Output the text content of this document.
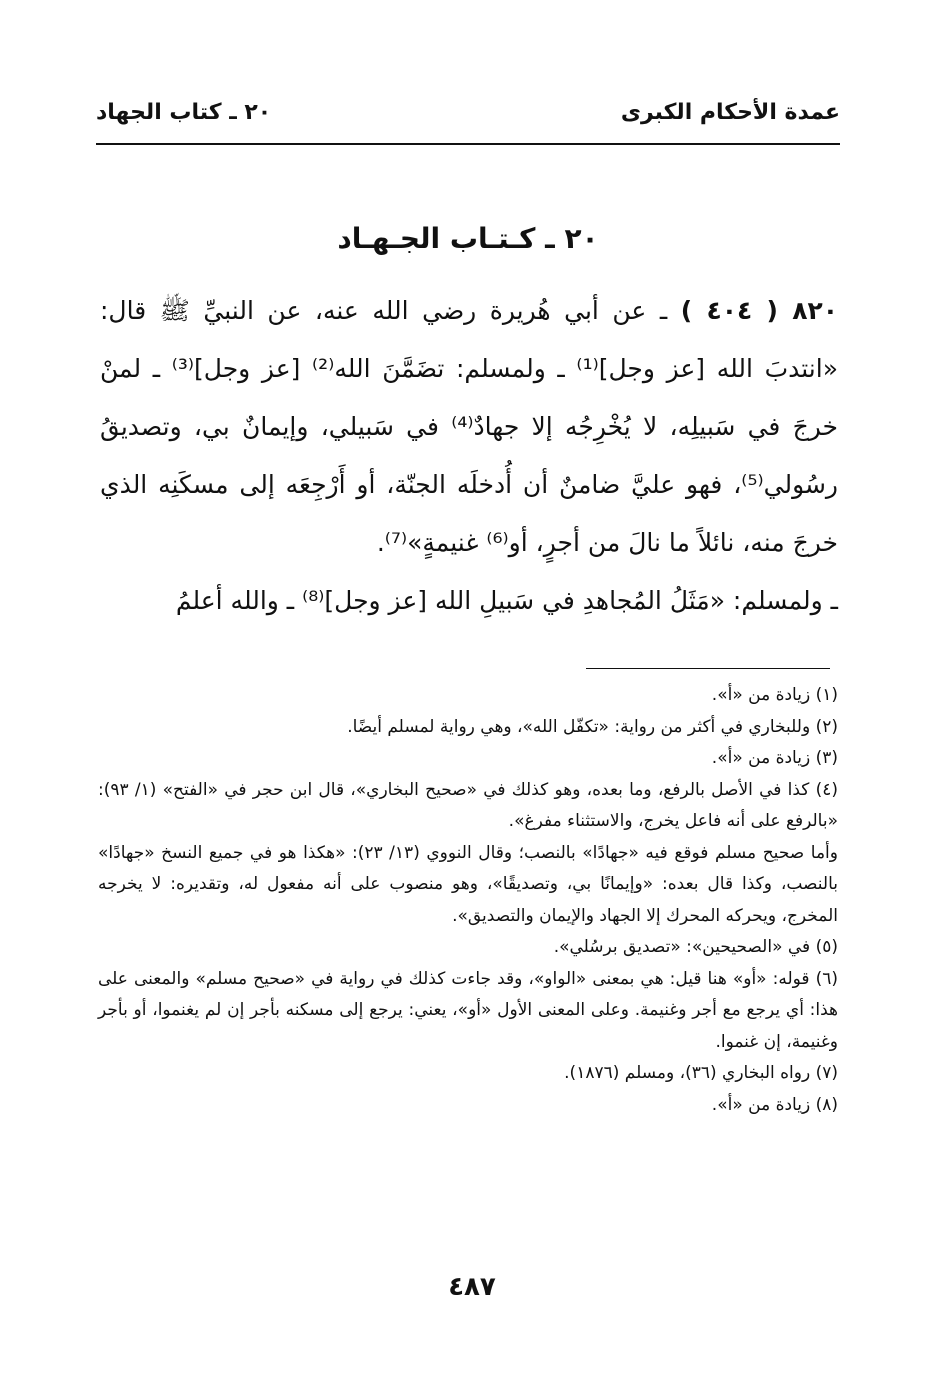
عمدة الأحكام الكبرى
٢٠ ـ كتاب الجهاد
٢٠ ـ كـتـاب الجـهـاد

٨٢٠ ( ٤٠٤ ) ـ عن أبي هُريرة رضي الله عنه، عن النبيِّ ﷺ قال: «انتدبَ الله [عز وجل]⁽¹⁾ ـ ولمسلم: تضَمَّنَ الله⁽²⁾ [عز وجل]⁽³⁾ ـ لمنْ خرجَ في سَبيلِه، لا يُخْرِجُه إلا جهادٌ⁽⁴⁾ في سَبيلي، وإيمانٌ بي، وتصديقُ رسُولي⁽⁵⁾، فهو عليَّ ضامنٌ أن أُدخلَه الجنّة، أو أَرْجِعَه إلى مسكَنِه الذي خرجَ منه، نائلاً ما نالَ من أجرٍ، أو⁽⁶⁾ غنيمةٍ»⁽⁷⁾.

ـ ولمسلم: «مَثَلُ المُجاهدِ في سَبيلِ الله [عز وجل]⁽⁸⁾ ـ والله أعلمُ

(١) زيادة من «أ».

(٢) وللبخاري في أكثر من رواية: «تكفّل الله»، وهي رواية لمسلم أيضًا.

(٣) زيادة من «أ».

(٤) كذا في الأصل بالرفع، وما بعده، وهو كذلك في «صحيح البخاري»، قال ابن حجر في «الفتح» (١/ ٩٣): «بالرفع على أنه فاعل يخرج، والاستثناء مفرغ».

وأما صحيح مسلم فوقع فيه «جهادًا» بالنصب؛ وقال النووي (١٣/ ٢٣): «هكذا هو في جميع النسخ «جهادًا» بالنصب، وكذا قال بعده: «وإيمانًا بي، وتصديقًا»، وهو منصوب على أنه مفعول له، وتقديره: لا يخرجه المخرج، ويحركه المحرك إلا الجهاد والإيمان والتصديق».

(٥) في «الصحيحين»: «تصديق برسُلي».

(٦) قوله: «أو» هنا قيل: هي بمعنى «الواو»، وقد جاءت كذلك في رواية في «صحيح مسلم» والمعنى على هذا: أي يرجع مع أجر وغنيمة. وعلى المعنى الأول «أو»، يعني: يرجع إلى مسكنه بأجر إن لم يغنموا، أو بأجر وغنيمة، إن غنموا.

(٧) رواه البخاري (٣٦)، ومسلم (١٨٧٦).

(٨) زيادة من «أ».

٤٨٧
